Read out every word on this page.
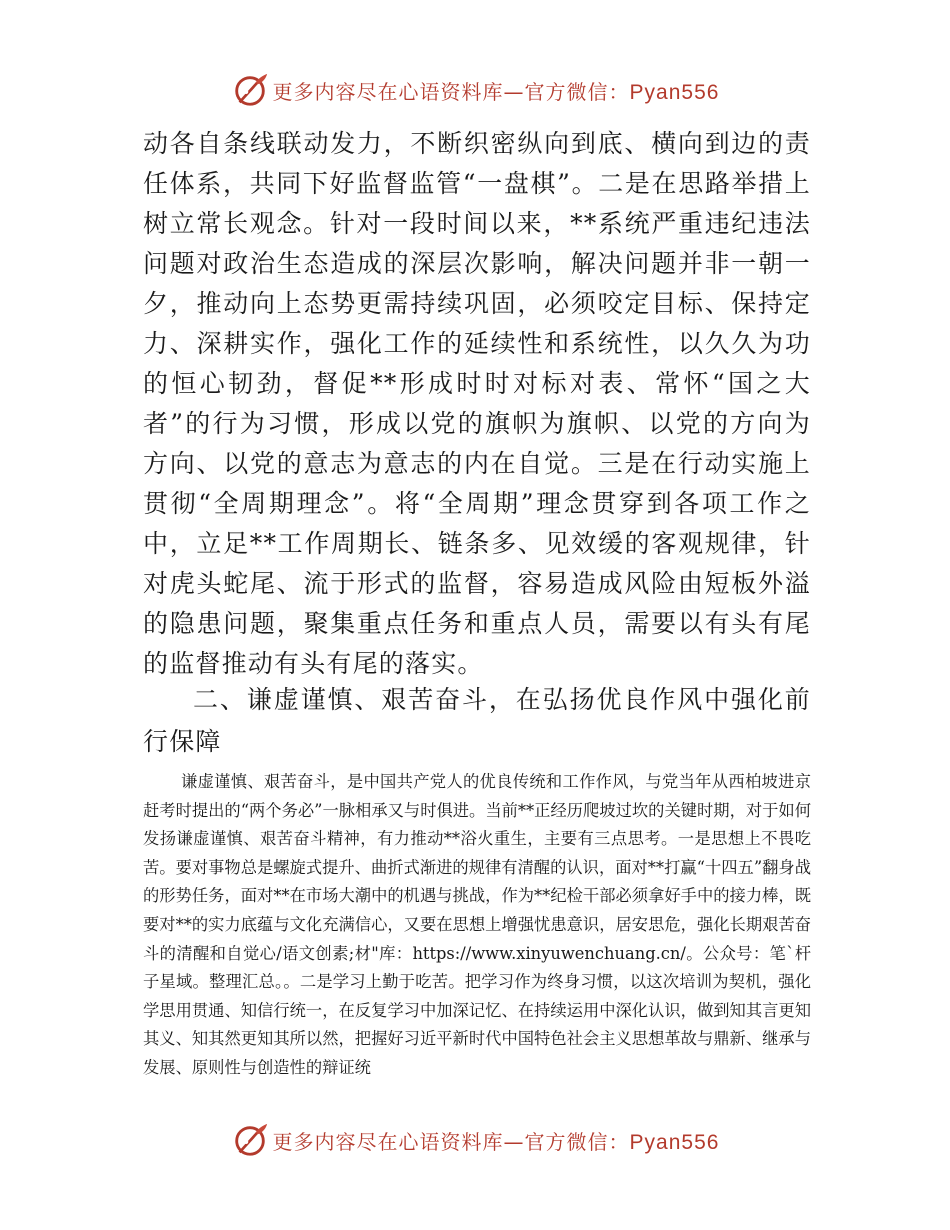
更多内容尽在心语资料库—官方微信：Pyan556
动各自条线联动发力，不断织密纵向到底、横向到边的责任体系，共同下好监督监管“一盘棋”。二是在思路举措上树立常长观念。针对一段时间以来，**系统严重违纪违法问题对政治生态造成的深层次影响，解决问题并非一朝一夕，推动向上态势更需持续巩固，必须咬定目标、保持定力、深耕实作，强化工作的延续性和系统性，以久久为功的恒心韧劲，督促**形成时时对标对表、常怀“国之大者”的行为习惯，形成以党的旗帜为旗帜、以党的方向为方向、以党的意志为意志的内在自觉。三是在行动实施上贯彻“全周期理念”。将“全周期”理念贯穿到各项工作之中，立足**工作周期长、链条多、见效缓的客观规律，针对虎头蛇尾、流于形式的监督，容易造成风险由短板外溢的隐患问题，聚集重点任务和重点人员，需要以有头有尾的监督推动有头有尾的落实。
二、谦虚谨慎、艰苦奋斗，在弘扬优良作风中强化前行保障
谦虚谨慎、艰苦奋斗，是中国共产党人的优良传统和工作作风，与党当年从西柏坡进京赶考时提出的“两个务必”一脉相承又与时俱进。当前**正经历爬坡过坎的关键时期，对于如何发扬谦虚谨慎、艰苦奋斗精神，有力推动**浴火重生，主要有三点思考。一是思想上不畏吃苦。要对事物总是螺旋式提升、曲折式渐进的规律有清醒的认识，面对**打赢“十四五”翻身战的形势任务，面对**在市场大潮中的机遇与挑战，作为**纪检干部必须拿好手中的接力棒，既要对**的实力底蕴与文化充满信心，又要在思想上增强忧患意识，居安思危，强化长期艰苦奋斗的清醒和自觉心/语文创素;材"库：https://www.xinyuwenchuang.cn/。公众号：笔`杆子星域。整理汇总。。二是学习上勤于吃苦。把学习作为终身习惯，以这次培训为契机，强化学思用贯通、知信行统一，在反复学习中加深记忆、在持续运用中深化认识，做到知其言更知其义、知其然更知其所以然，把握好习近平新时代中国特色社会主义思想革故与鼎新、继承与发展、原则性与创造性的辩证统
更多内容尽在心语资料库—官方微信：Pyan556
